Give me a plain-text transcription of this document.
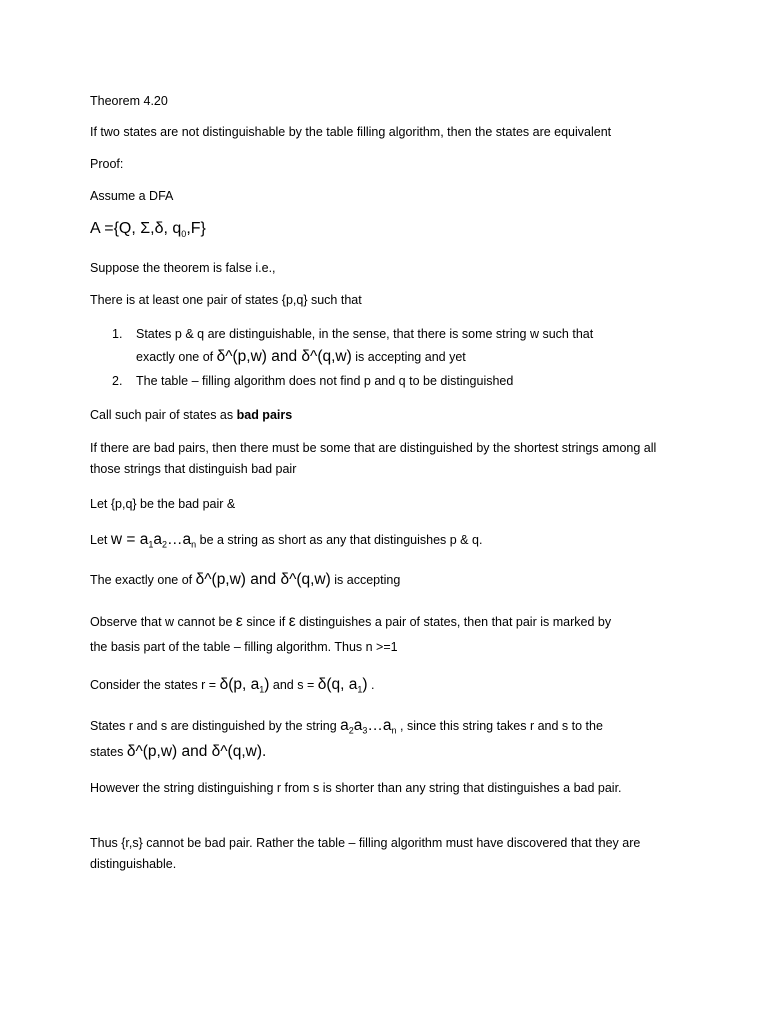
Theorem 4.20
If two states are not distinguishable by the table filling algorithm, then the states are equivalent
Proof:
Assume a DFA
A ={Q, Σ,δ, $q_0,F$}
Suppose the theorem is false i.e.,
There is at least one pair of states {p,q} such that
1. States p & q are distinguishable, in the sense, that there is some string w such that
exactly one of δ^(p,w) and δ^(q,w) is accepting and yet
2. The table – filling algorithm does not find p and q to be distinguished
Call such pair of states as bad pairs
If there are bad pairs, then there must be some that are distinguished by the shortest strings among all those strings that distinguish bad pair
Let {p,q} be the bad pair &
Let $w = a_1a_2\dots a_n$ be a string as short as any that distinguishes p & q.
The exactly one of δ^(p,w) and δ^(q,w) is accepting
Observe that w cannot be ε since if ε distinguishes a pair of states, then that pair is marked by
the basis part of the table – filling algorithm. Thus n >=1
Consider the states r = δ(p, $a_1$) and s = δ(q, $a_1$) .
States r and s are distinguished by the string $a_2a_3\dots a_n$ , since this string takes r and s to the
states δ^(p,w) and δ^(q,w).
However the string distinguishing r from s is shorter than any string that distinguishes a bad pair.
Thus {r,s} cannot be bad pair. Rather the table – filling algorithm must have discovered that they are distinguishable.
